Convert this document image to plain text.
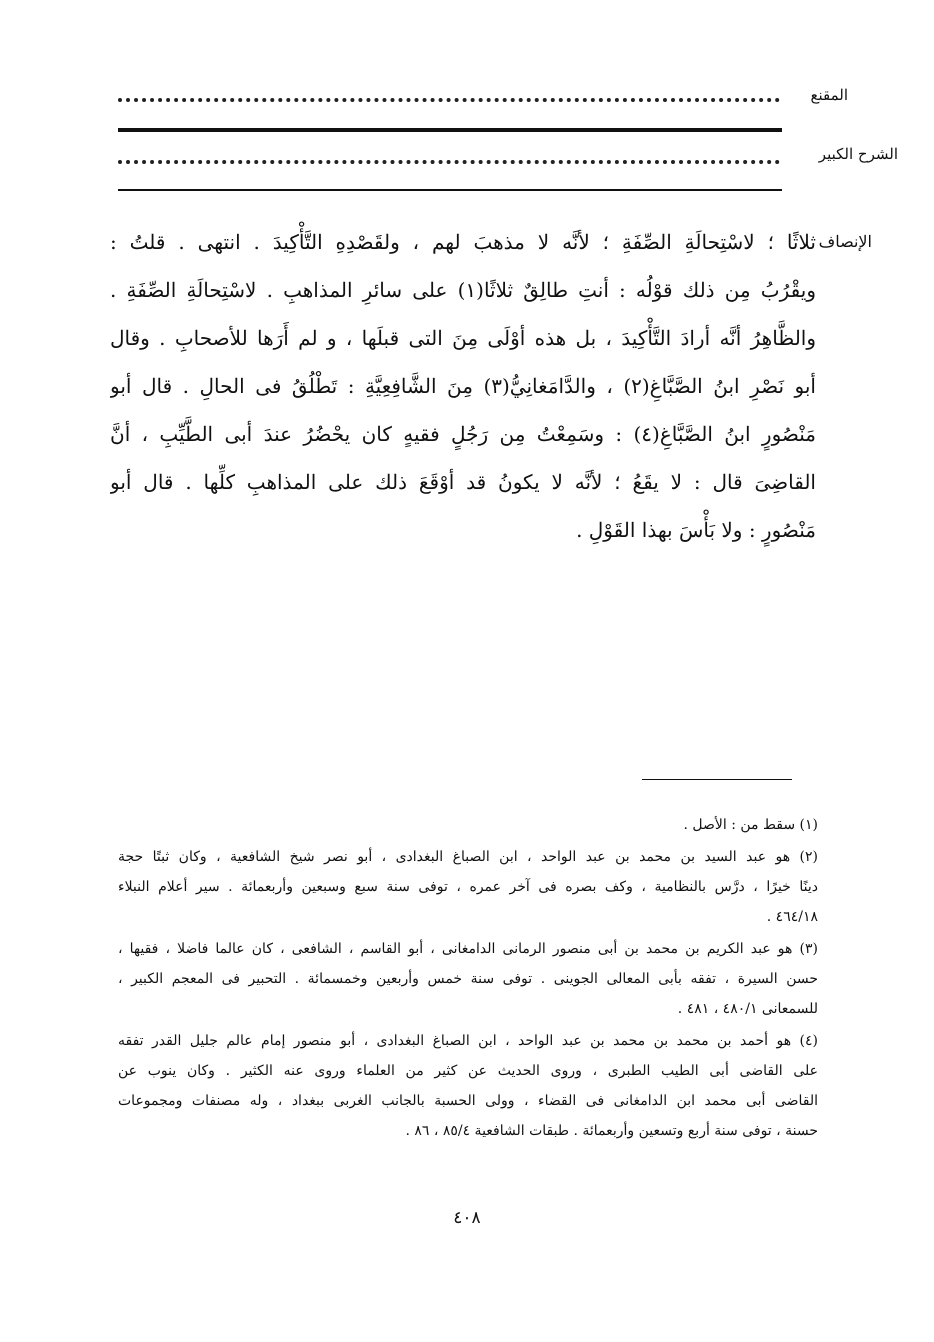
المقنع
الشرح الكبير
الإنصاف
ثلاثًا ؛ لاسْتِحالَةِ الصِّفَةِ ؛ لأنَّه لا مذهبَ لهم ، ولقَصْدِهِ التَّأْكِيدَ . انتهى . قلتُ :
ويقْرُبُ مِن ذلك قوْلُه : أنتِ طالِقٌ ثلاثًا(١) على سائرِ المذاهبِ . لاسْتِحالَةِ الصِّفَةِ .
والظَّاهِرُ أنَّه أرادَ التَّأْكِيدَ ، بل هذه أوْلَى مِنَ التى قبلَها ، و لم أَرَها للأصحابِ . وقال
أبو نَصْرِ ابنُ الصَّبَّاغِ(٢) ، والدَّامَغانِيُّ(٣) مِنَ الشَّافِعِيَّةِ : تَطْلُقُ فى الحالِ . قال أبو
مَنْصُورٍ ابنُ الصَّبَّاغِ(٤) : وسَمِعْتُ مِن رَجُلٍ فقيهٍ كان يحْضُرُ عندَ أبى الطَّيِّبِ ، أنَّ
القاضِىَ قال : لا يقَعُ ؛ لأنَّه لا يكونُ قد أوْقَعَ ذلك على المذاهبِ كلِّها . قال أبو
مَنْصُورٍ : ولا بَأْسَ بهذا القَوْلِ .
(١) سقط من : الأصل .
(٢) هو عبد السيد بن محمد بن عبد الواحد ، ابن الصباغ البغدادى ، أبو نصر شيخ الشافعية ، وكان ثبتًا حجة
دينًا خيرًا ، درَّس بالنظامية ، وكف بصره فى آخر عمره ، توفى سنة سبع وسبعين وأربعمائة . سير أعلام النبلاء
٤٦٤/١٨ .
(٣) هو عبد الكريم بن محمد بن أبى منصور الرمانى الدامغانى ، أبو القاسم ، الشافعى ، كان عالما فاضلا ، فقيها ،
حسن السيرة ، تفقه بأبى المعالى الجوينى . توفى سنة خمس وأربعين وخمسمائة . التحبير فى المعجم الكبير ،
للسمعانى ٤٨٠/١ ، ٤٨١ .
(٤) هو أحمد بن محمد بن محمد بن عبد الواحد ، ابن الصباغ البغدادى ، أبو منصور إمام عالم جليل القدر تفقه
على القاضى أبى الطيب الطبرى ، وروى الحديث عن كثير من العلماء وروى عنه الكثير . وكان ينوب عن
القاضى أبى محمد ابن الدامغانى فى القضاء ، وولى الحسبة بالجانب الغربى ببغداد ، وله مصنفات ومجموعات
حسنة ، توفى سنة أربع وتسعين وأربعمائة . طبقات الشافعية ٨٥/٤ ، ٨٦ .
٤٠٨
